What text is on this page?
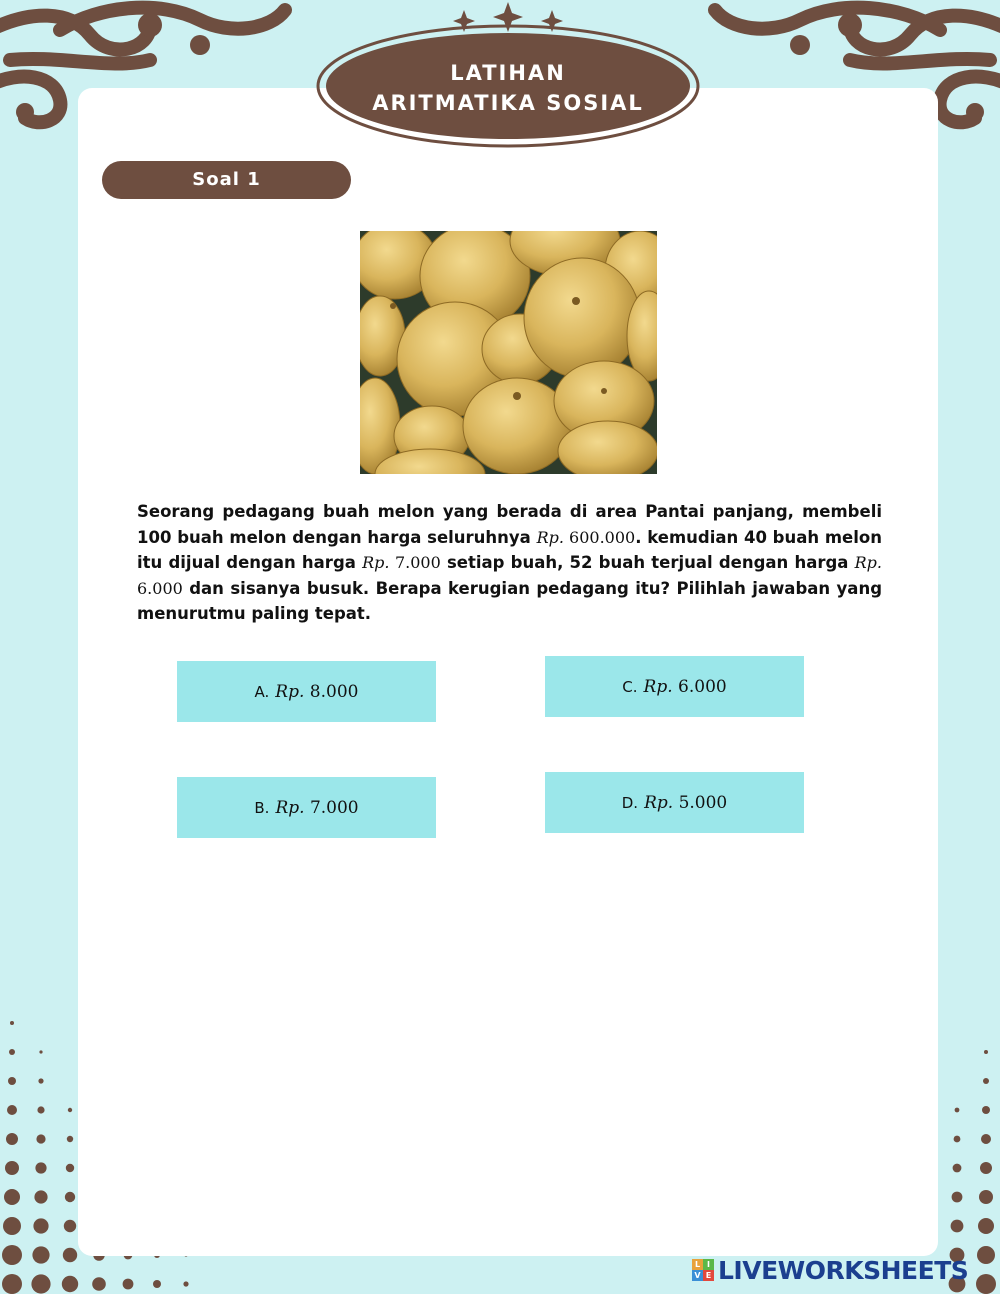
LATIHAN
ARITMATIKA SOSIAL
Soal 1

Seorang pedagang buah melon yang berada di area Pantai panjang, membeli 100 buah melon dengan harga seluruhnya Rp. 600.000. kemudian 40 buah melon itu dijual dengan harga Rp. 7.000 setiap buah, 52 buah terjual dengan harga Rp. 6.000 dan sisanya busuk. Berapa kerugian pedagang itu? Pilihlah jawaban yang menurutmu paling tepat.

A. Rp.
8.000
B. Rp.
7.000
C. Rp.
6.000
D. Rp.
5.000
L I
V E LIVEWORKSHEETS
